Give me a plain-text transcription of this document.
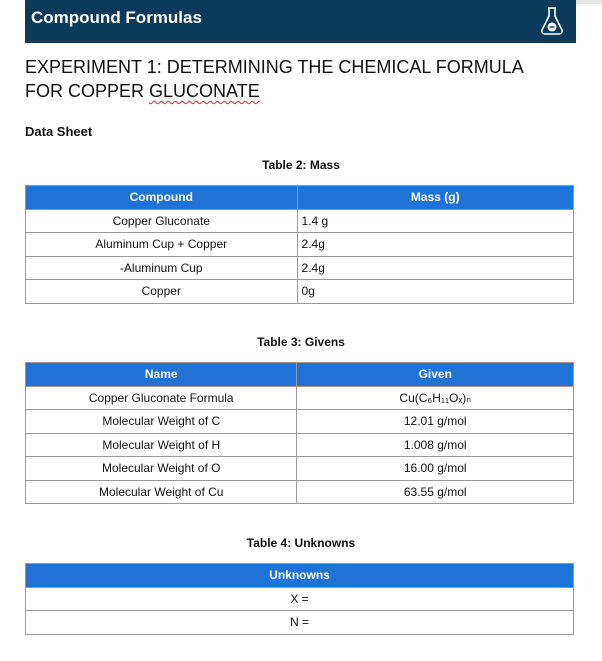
Compound Formulas
EXPERIMENT 1: DETERMINING THE CHEMICAL FORMULA
FOR COPPER GLUCONATE
Data Sheet
Table 2: Mass
Compound	Mass (g)
Copper Gluconate	1.4 g
Aluminum Cup + Copper	2.4g
-Aluminum Cup	2.4g
Copper	0g
Table 3: Givens
Name	Given
Copper Gluconate Formula	Cu(C₆H₁₁Oₓ)ₙ
Molecular Weight of C	12.01 g/mol
Molecular Weight of H	1.008 g/mol
Molecular Weight of O	16.00 g/mol
Molecular Weight of Cu	63.55 g/mol
Table 4: Unknowns
Unknowns
X =
N =
